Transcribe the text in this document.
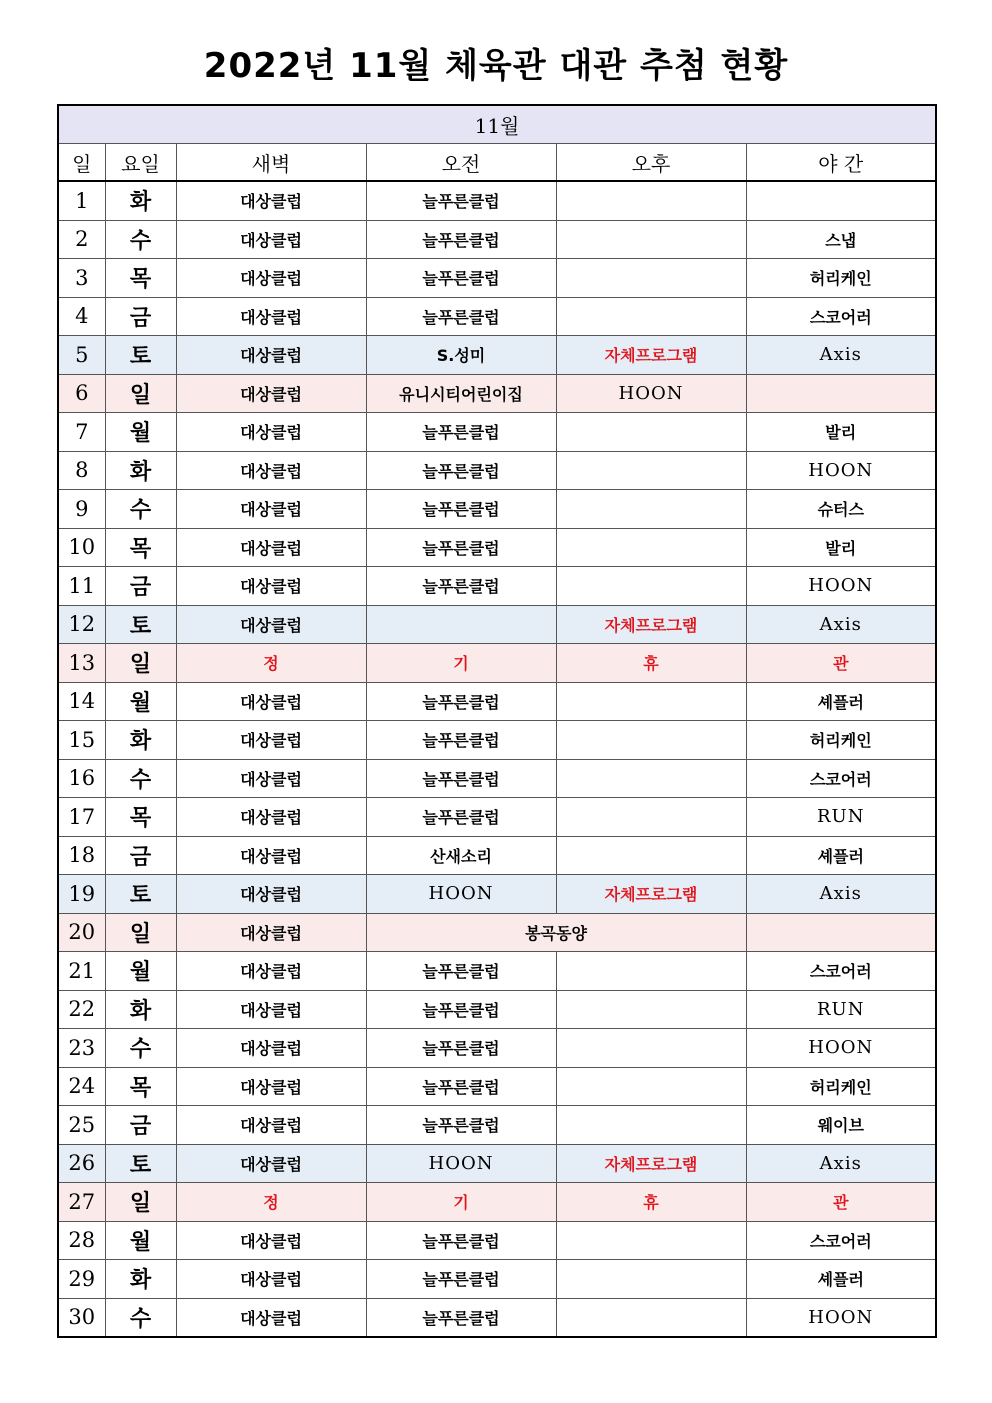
2022년 11월 체육관 대관 추첨 현황
11월					
일	요일	새벽	오전	오후	야 간
1	화	대상클럽	늘푸른클럽		
2	수	대상클럽	늘푸른클럽		스냅
3	목	대상클럽	늘푸른클럽		허리케인
4	금	대상클럽	늘푸른클럽		스코어러
5	토	대상클럽	S.성미	자체프로그램	Axis
6	일	대상클럽	유니시티어린이집	HOON	
7	월	대상클럽	늘푸른클럽		발리
8	화	대상클럽	늘푸른클럽		HOON
9	수	대상클럽	늘푸른클럽		슈터스
10	목	대상클럽	늘푸른클럽		발리
11	금	대상클럽	늘푸른클럽		HOON
12	토	대상클럽		자체프로그램	Axis
13	일	정	기	휴	관
14	월	대상클럽	늘푸른클럽		셰플러
15	화	대상클럽	늘푸른클럽		허리케인
16	수	대상클럽	늘푸른클럽		스코어러
17	목	대상클럽	늘푸른클럽		RUN
18	금	대상클럽	산새소리		셰플러
19	토	대상클럽	HOON	자체프로그램	Axis
20	일	대상클럽	봉곡동양		
21	월	대상클럽	늘푸른클럽		스코어러
22	화	대상클럽	늘푸른클럽		RUN
23	수	대상클럽	늘푸른클럽		HOON
24	목	대상클럽	늘푸른클럽		허리케인
25	금	대상클럽	늘푸른클럽		웨이브
26	토	대상클럽	HOON	자체프로그램	Axis
27	일	정	기	휴	관
28	월	대상클럽	늘푸른클럽		스코어러
29	화	대상클럽	늘푸른클럽		셰플러
30	수	대상클럽	늘푸른클럽		HOON
